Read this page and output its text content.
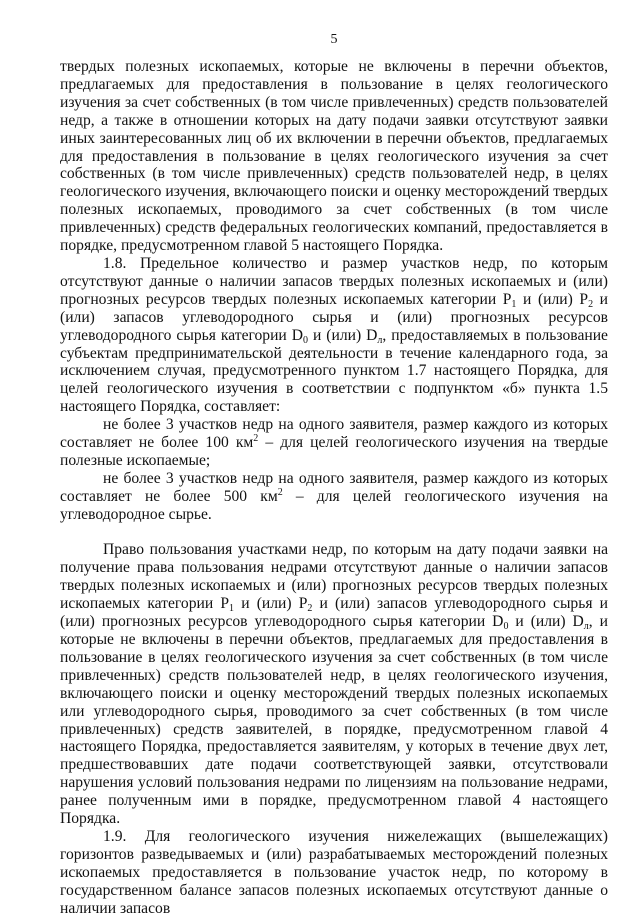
5

твердых полезных ископаемых, которые не включены в перечни объектов, предлагаемых для предоставления в пользование в целях геологического изучения за счет собственных (в том числе привлеченных) средств пользователей недр, а также в отношении которых на дату подачи заявки отсутствуют заявки иных заинтересованных лиц об их включении в перечни объектов, предлагаемых для предоставления в пользование в целях геологического изучения за счет собственных (в том числе привлеченных) средств пользователей недр, в целях геологического изучения, включающего поиски и оценку месторождений твердых полезных ископаемых, проводимого за счет собственных (в том числе привлеченных) средств федеральных геологических компаний, предоставляется в порядке, предусмотренном главой 5 настоящего Порядка.

1.8. Предельное количество и размер участков недр, по которым отсутствуют данные о наличии запасов твердых полезных ископаемых и (или) прогнозных ресурсов твердых полезных ископаемых категории $Р_1$ и (или) $Р_2$ и (или) запасов углеводородного сырья и (или) прогнозных ресурсов углеводородного сырья категории $D_0$ и (или) $D_л$, предоставляемых в пользование субъектам предпринимательской деятельности в течение календарного года, за исключением случая, предусмотренного пунктом 1.7 настоящего Порядка, для целей геологического изучения в соответствии с подпунктом «б» пункта 1.5 настоящего Порядка, составляет:

не более 3 участков недр на одного заявителя, размер каждого из которых составляет не более 100 $км^2$ – для целей геологического изучения на твердые полезные ископаемые;

не более 3 участков недр на одного заявителя, размер каждого из которых составляет не более 500 $км^2$ – для целей геологического изучения на углеводородное сырье.

Право пользования участками недр, по которым на дату подачи заявки на получение права пользования недрами отсутствуют данные о наличии запасов твердых полезных ископаемых и (или) прогнозных ресурсов твердых полезных ископаемых категории $Р_1$ и (или) $Р_2$ и (или) запасов углеводородного сырья и (или) прогнозных ресурсов углеводородного сырья категории $D_0$ и (или) $D_л$, и которые не включены в перечни объектов, предлагаемых для предоставления в пользование в целях геологического изучения за счет собственных (в том числе привлеченных) средств пользователей недр, в целях геологического изучения, включающего поиски и оценку месторождений твердых полезных ископаемых или углеводородного сырья, проводимого за счет собственных (в том числе привлеченных) средств заявителей, в порядке, предусмотренном главой 4 настоящего Порядка, предоставляется заявителям, у которых в течение двух лет, предшествовавших дате подачи соответствующей заявки, отсутствовали нарушения условий пользования недрами по лицензиям на пользование недрами, ранее полученным ими в порядке, предусмотренном главой 4 настоящего Порядка.

1.9. Для геологического изучения нижележащих (вышележащих) горизонтов разведываемых и (или) разрабатываемых месторождений полезных ископаемых предоставляется в пользование участок недр, по которому в государственном балансе запасов полезных ископаемых отсутствуют данные о наличии запасов
